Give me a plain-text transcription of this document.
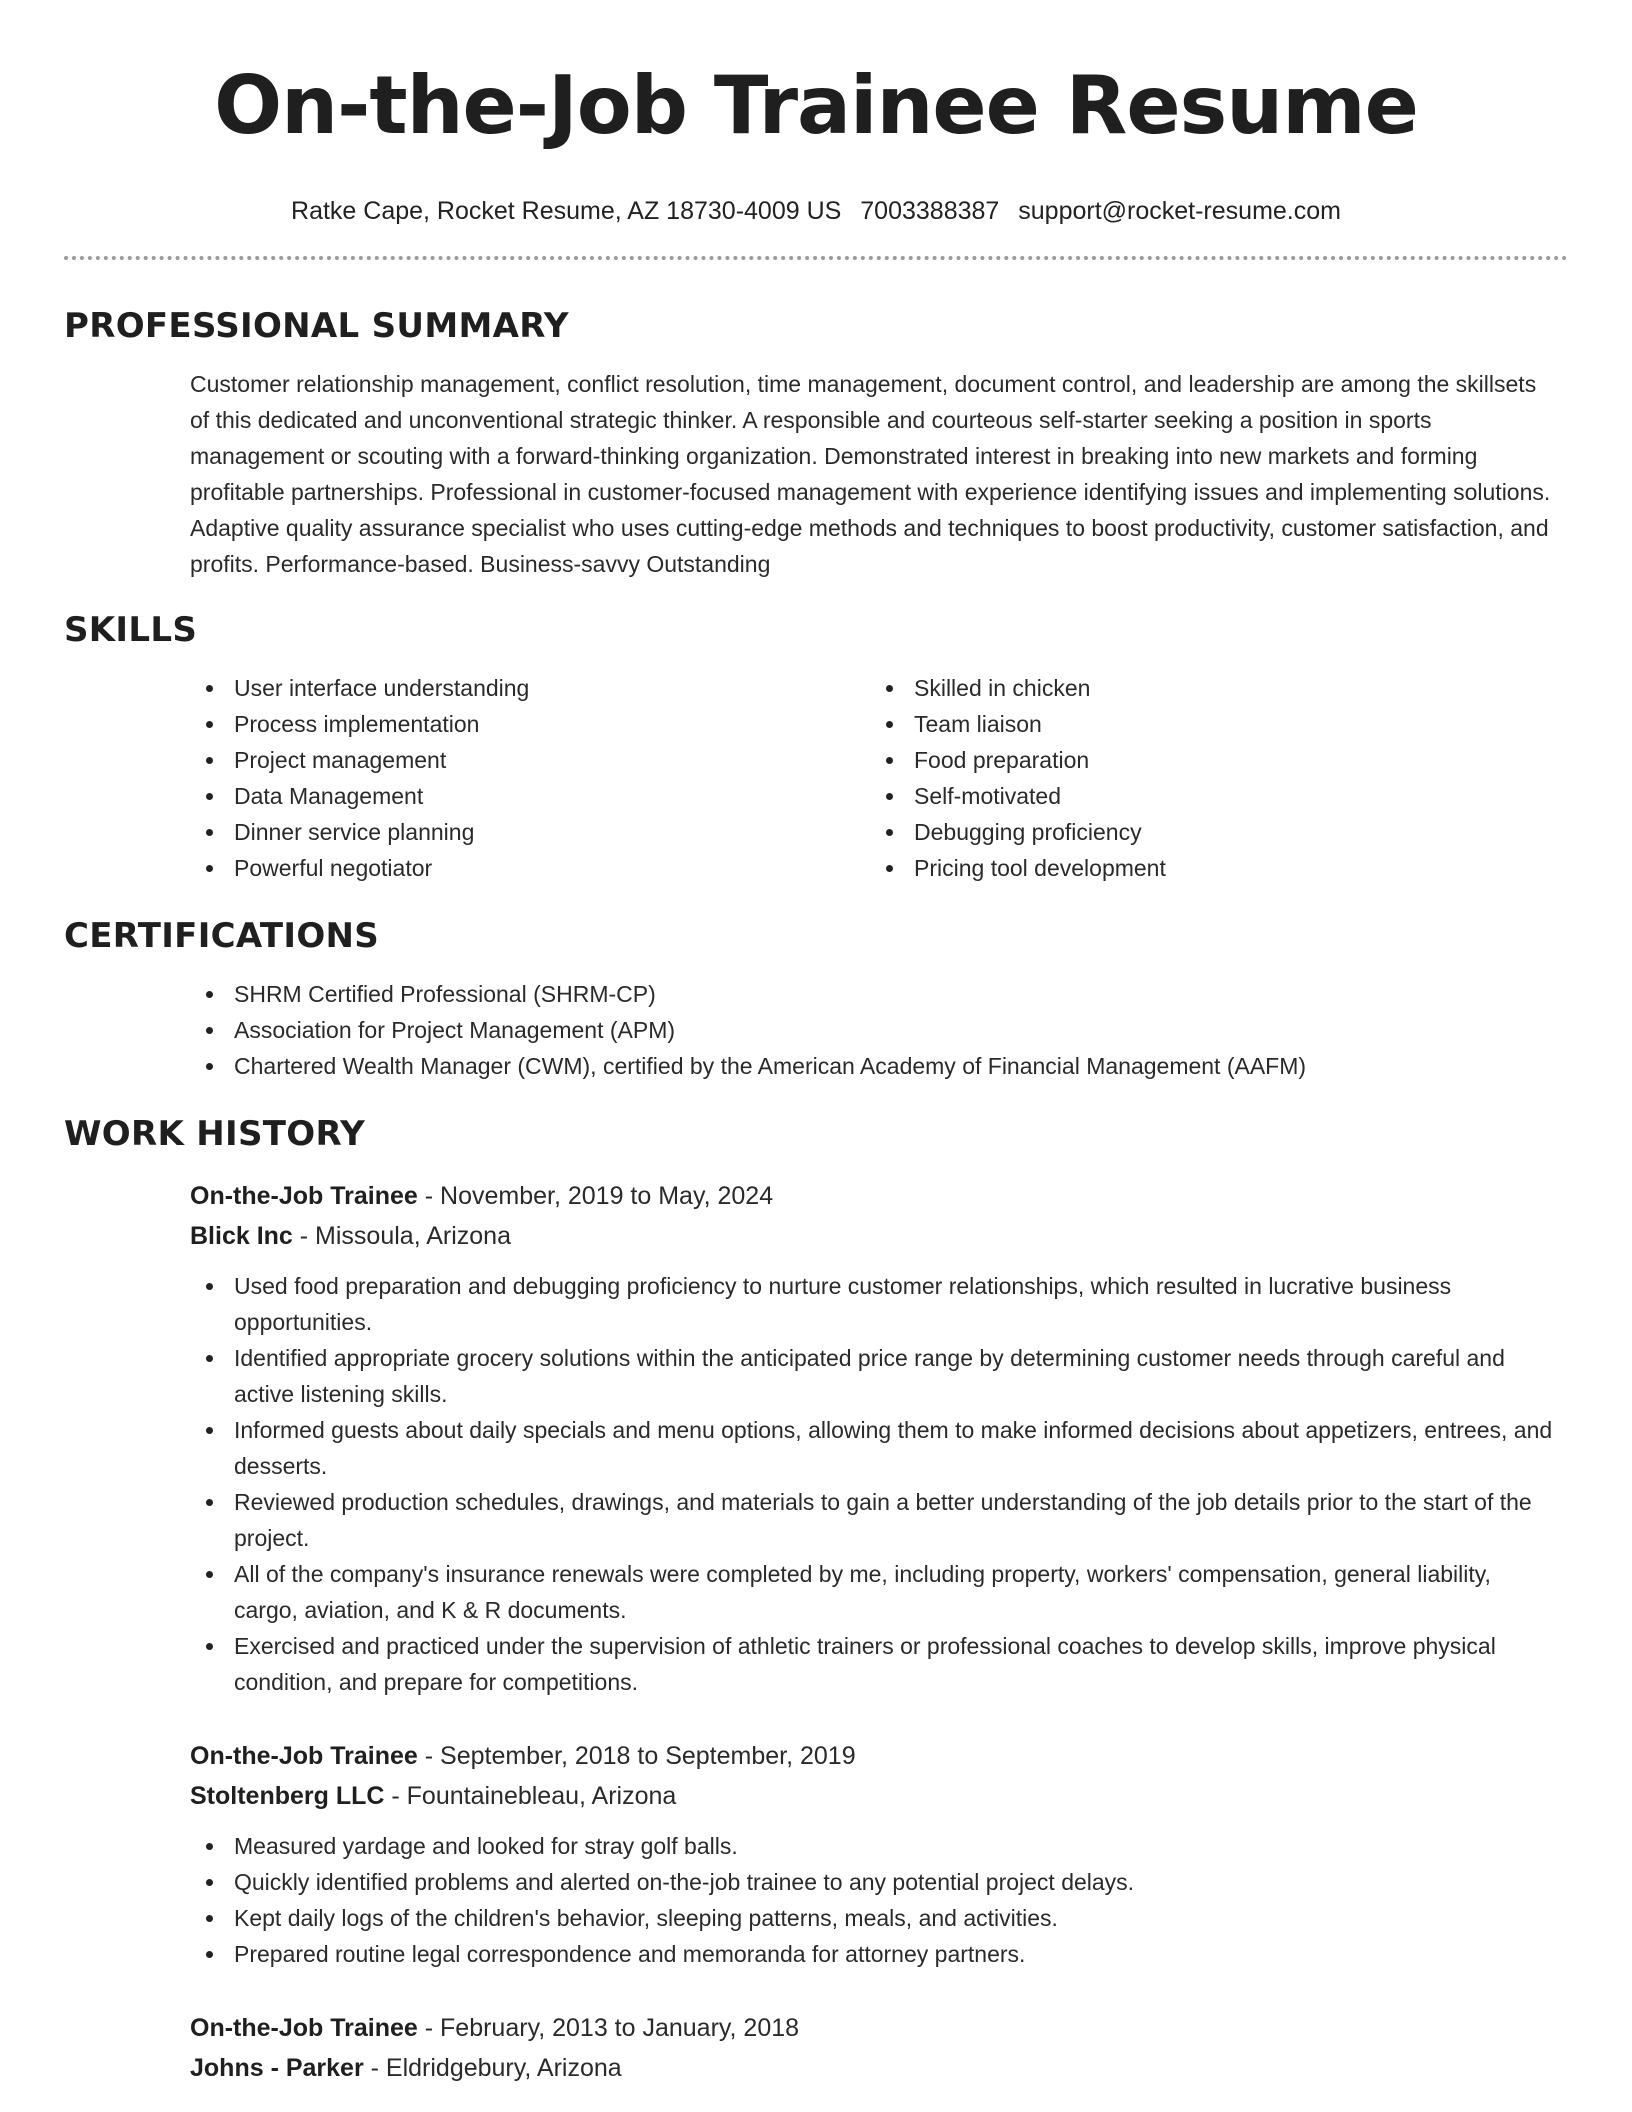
On-the-Job Trainee Resume
Ratke Cape, Rocket Resume, AZ 18730-4009 US 7003388387 support@rocket-resume.com
PROFESSIONAL SUMMARY

Customer relationship management, conflict resolution, time management, document control, and leadership are among the skillsets of this dedicated and unconventional strategic thinker. A responsible and courteous self-starter seeking a position in sports management or scouting with a forward-thinking organization. Demonstrated interest in breaking into new markets and forming profitable partnerships. Professional in customer-focused management with experience identifying issues and implementing solutions. Adaptive quality assurance specialist who uses cutting-edge methods and techniques to boost productivity, customer satisfaction, and profits. Performance-based. Business-savvy Outstanding

SKILLS
User interface understanding
Process implementation
Project management
Data Management
Dinner service planning
Powerful negotiator
Skilled in chicken
Team liaison
Food preparation
Self-motivated
Debugging proficiency
Pricing tool development
CERTIFICATIONS
SHRM Certified Professional (SHRM-CP)
Association for Project Management (APM)
Chartered Wealth Manager (CWM), certified by the American Academy of Financial Management (AAFM)
WORK HISTORY
On-the-Job Trainee - November, 2019 to May, 2024
Blick Inc - Missoula, Arizona
Used food preparation and debugging proficiency to nurture customer relationships, which resulted in lucrative business opportunities.
Identified appropriate grocery solutions within the anticipated price range by determining customer needs through careful and active listening skills.
Informed guests about daily specials and menu options, allowing them to make informed decisions about appetizers, entrees, and desserts.
Reviewed production schedules, drawings, and materials to gain a better understanding of the job details prior to the start of the project.
All of the company's insurance renewals were completed by me, including property, workers' compensation, general liability, cargo, aviation, and K & R documents.
Exercised and practiced under the supervision of athletic trainers or professional coaches to develop skills, improve physical condition, and prepare for competitions.
On-the-Job Trainee - September, 2018 to September, 2019
Stoltenberg LLC - Fountainebleau, Arizona
Measured yardage and looked for stray golf balls.
Quickly identified problems and alerted on-the-job trainee to any potential project delays.
Kept daily logs of the children's behavior, sleeping patterns, meals, and activities.
Prepared routine legal correspondence and memoranda for attorney partners.
On-the-Job Trainee - February, 2013 to January, 2018
Johns - Parker - Eldridgebury, Arizona
